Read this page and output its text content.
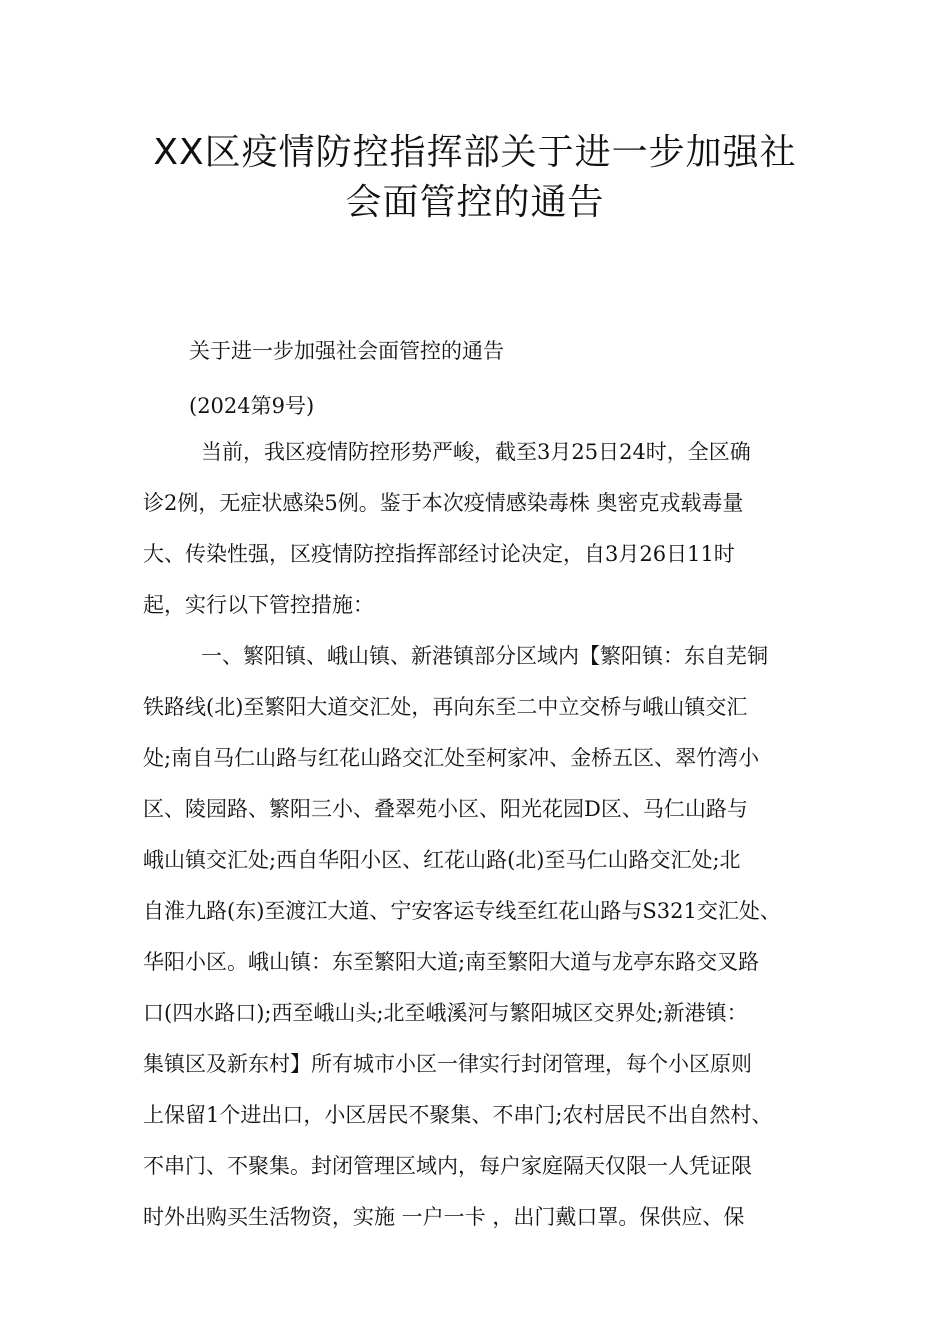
XX区疫情防控指挥部关于进一步加强社
会面管控的通告
关于进一步加强社会面管控的通告
(2024第9号)
当前，我区疫情防控形势严峻，截至3月25日24时，全区确
诊2例，无症状感染5例。鉴于本次疫情感染毒株 奥密克戎载毒量
大、传染性强，区疫情防控指挥部经讨论决定，自3月26日11时
起，实行以下管控措施：
一、繁阳镇、峨山镇、新港镇部分区域内【繁阳镇：东自芜铜
铁路线(北)至繁阳大道交汇处，再向东至二中立交桥与峨山镇交汇
处;南自马仁山路与红花山路交汇处至柯家冲、金桥五区、翠竹湾小
区、陵园路、繁阳三小、叠翠苑小区、阳光花园D区、马仁山路与
峨山镇交汇处;西自华阳小区、红花山路(北)至马仁山路交汇处;北
自淮九路(东)至渡江大道、宁安客运专线至红花山路与S321交汇处、
华阳小区。峨山镇：东至繁阳大道;南至繁阳大道与龙亭东路交叉路
口(四水路口);西至峨山头;北至峨溪河与繁阳城区交界处;新港镇：
集镇区及新东村】所有城市小区一律实行封闭管理，每个小区原则
上保留1个进出口，小区居民不聚集、不串门;农村居民不出自然村、
不串门、不聚集。封闭管理区域内，每户家庭隔天仅限一人凭证限
时外出购买生活物资，实施 一户一卡 ，出门戴口罩。保供应、保
